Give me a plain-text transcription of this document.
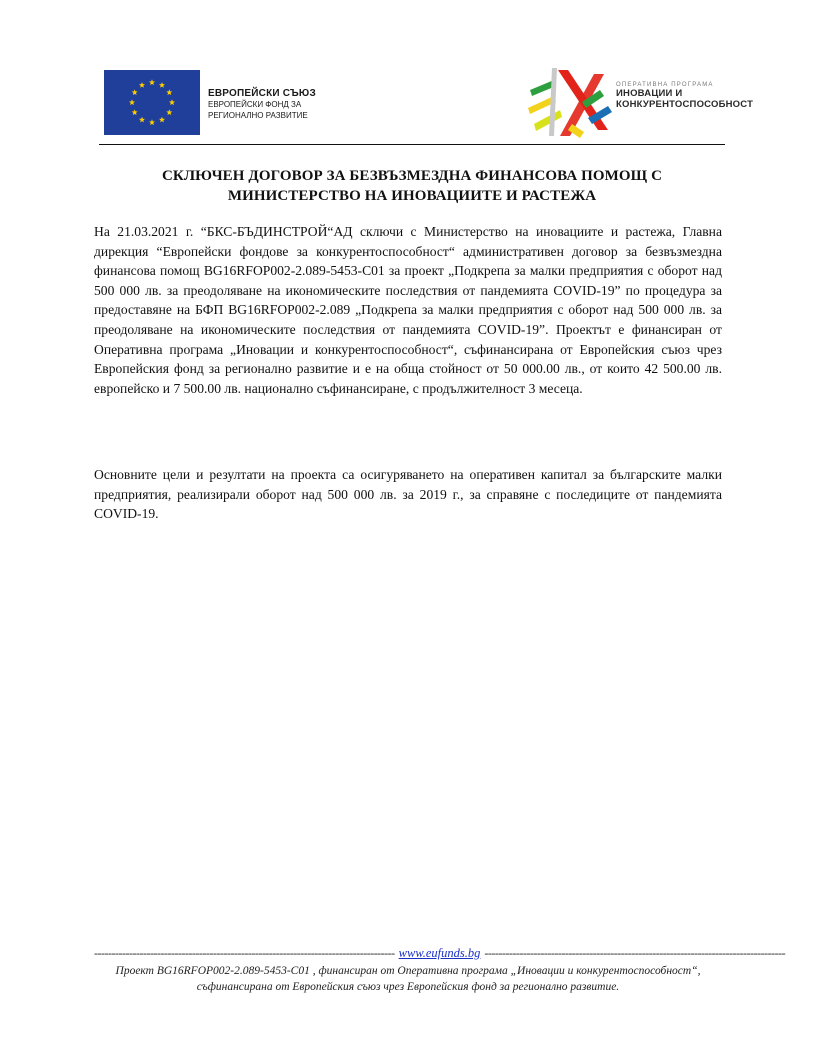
ЕВРОПЕЙСКИ СЪЮЗ
ЕВРОПЕЙСКИ ФОНД ЗА
РЕГИОНАЛНО РАЗВИТИЕ
ОПЕРАТИВНА ПРОГРАМА
ИНОВАЦИИ И
КОНКУРЕНТОСПОСОБНОСТ
СКЛЮЧЕН ДОГОВОР ЗА БЕЗВЪЗМЕЗДНА ФИНАНСОВА ПОМОЩ С
МИНИСТЕРСТВО НА ИНОВАЦИИТЕ И РАСТЕЖА
На 21.03.2021 г. “БКС-БЪДИНСТРОЙ“АД сключи с Министерство на иновациите и растежа, Главна дирекция “Европейски фондове за конкурентоспособност“ административен договор за безвъзмездна финансова помощ BG16RFOP002-2.089-5453-C01 за проект „Подкрепа за малки предприятия с оборот над 500 000 лв. за преодоляване на икономическите последствия от пандемията COVID-19” по процедура за предоставяне на БФП BG16RFOP002-2.089 „Подкрепа за малки предприятия с оборот над 500 000 лв. за преодоляване на икономическите последствия от пандемията COVID-19”. Проектът е финансиран от Оперативна програма „Иновации и конкурентоспособност“, съфинансирана от Европейския съюз чрез Европейския фонд за регионално развитие и е на обща стойност от 50 000.00 лв., от които 42 500.00 лв. европейско и 7 500.00 лв. национално съфинансиране, с продължителност 3 месеца.
Основните цели и резултати на проекта са осигуряването на оперативен капитал за българските малки предприятия, реализирали оборот над 500 000 лв. за 2019 г., за справяне с последиците от пандемията COVID-19.
-------------------------------------------------------------------------------------- www.eufunds.bg --------------------------------------------------------------------------------------
Проект BG16RFOP002-2.089-5453-C01 , финансиран от Оперативна програма „Иновации и конкурентоспособност“, съфинансирана от Европейския съюз чрез Европейския фонд за регионално развитие.
